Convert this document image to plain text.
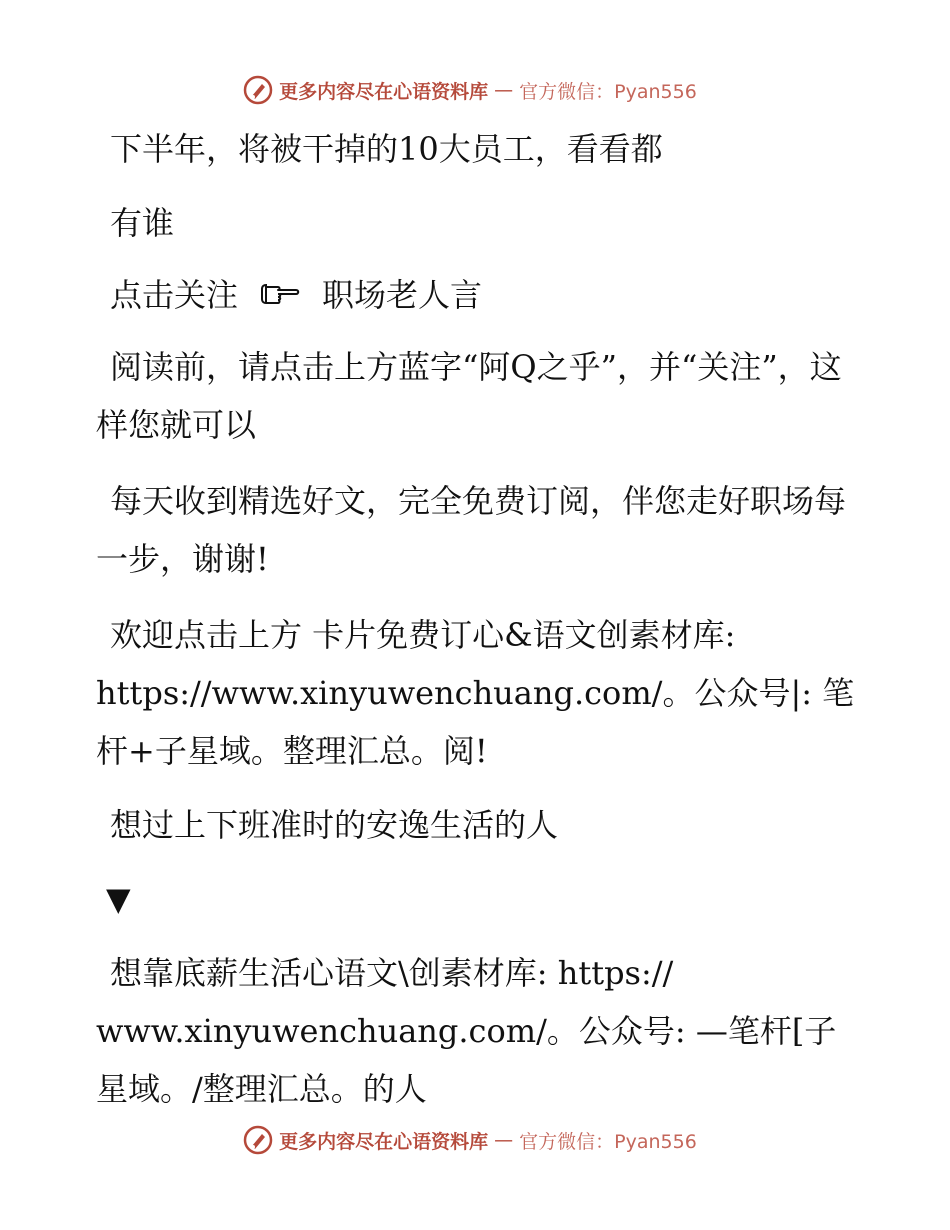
更多内容尽在心语资料库 — 官方微信：Pyan556

下半年，将被干掉的10大员工，看看都

有谁

点击关注	职场老人言

阅读前，请点击上方蓝字“阿Q之乎”，并“关注”，这样您就可以

每天收到精选好文，完全免费订阅，伴您走好职场每一步，谢谢!

欢迎点击上方 卡片免费订心&语文创素材库: https://www.xinyuwenchuang.com/。公众号|: 笔杆+子星域。整理汇总。阅!

想过上下班准时的安逸生活的人

▼

想靠底薪生活心语文\创素材库: https:// www.xinyuwenchuang.com/。公众号: —笔杆[子星域。/整理汇总。的人

更多内容尽在心语资料库 — 官方微信：Pyan556
